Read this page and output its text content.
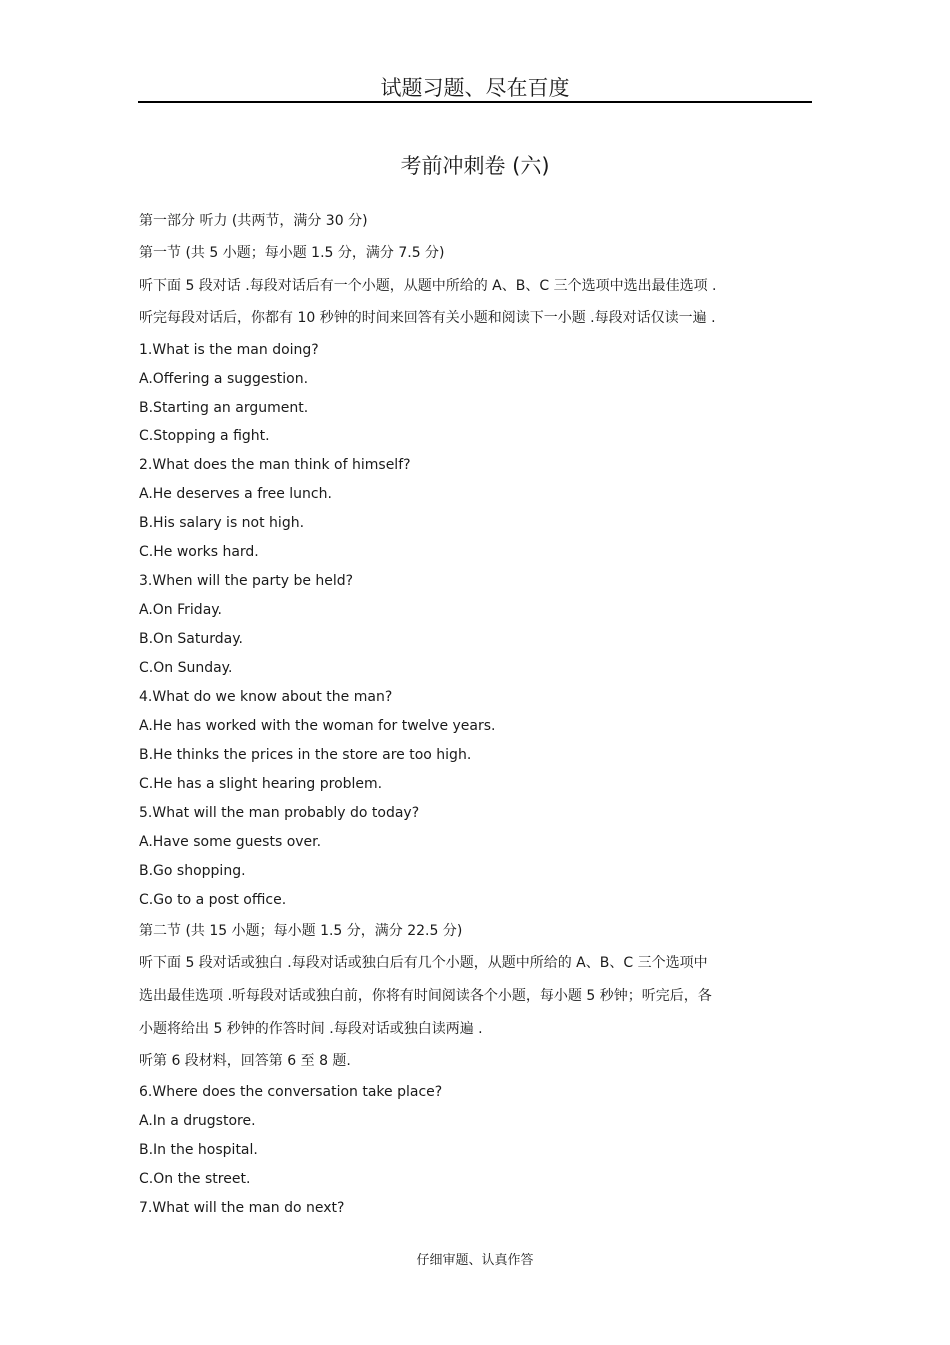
试题习题、尽在百度
考前冲刺卷 (六)
第一部分 听力 (共两节，满分 30 分)
第一节 (共 5 小题；每小题 1.5 分，满分 7.5 分)
听下面 5 段对话 .每段对话后有一个小题，从题中所给的 A、B、C 三个选项中选出最佳选项 .
听完每段对话后，你都有 10 秒钟的时间来回答有关小题和阅读下一小题 .每段对话仅读一遍 .
1.What is the man doing?
A.Offering a suggestion.
B.Starting an argument.
C.Stopping a fight.
2.What does the man think of himself?
A.He deserves a free lunch.
B.His salary is not high.
C.He works hard.
3.When will the party be held?
A.On Friday.
B.On Saturday.
C.On Sunday.
4.What do we know about the man?
A.He has worked with the woman for twelve years.
B.He thinks the prices in the store are too high.
C.He has a slight hearing problem.
5.What will the man probably do today?
A.Have some guests over.
B.Go shopping.
C.Go to a post office.
第二节 (共 15 小题；每小题 1.5 分，满分 22.5 分)
听下面 5 段对话或独白 .每段对话或独白后有几个小题，从题中所给的 A、B、C 三个选项中
选出最佳选项 .听每段对话或独白前，你将有时间阅读各个小题，每小题 5 秒钟；听完后，各
小题将给出 5 秒钟的作答时间 .每段对话或独白读两遍 .
听第 6 段材料，回答第 6 至 8 题.
6.Where does the conversation take place?
A.In a drugstore.
B.In the hospital.
C.On the street.
7.What will the man do next?
仔细审题、认真作答
